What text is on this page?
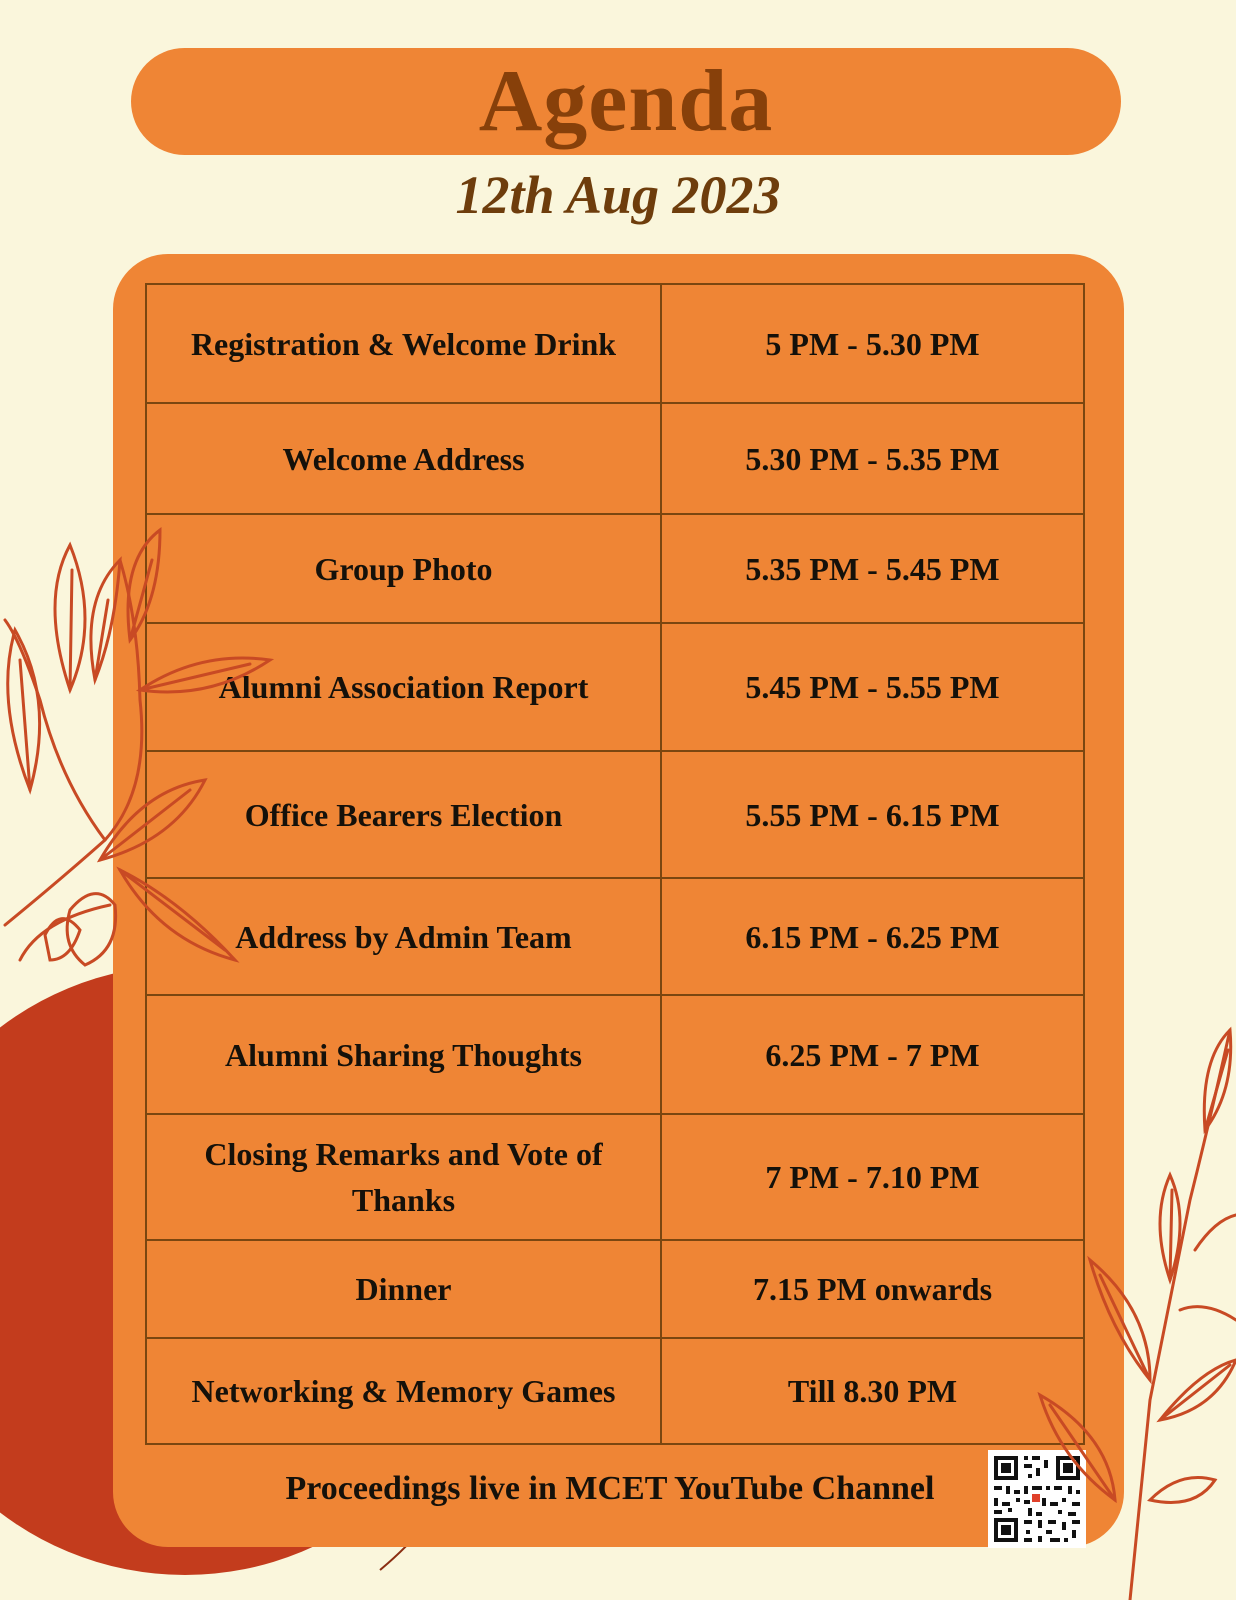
Agenda
12th Aug 2023
Registration & Welcome Drink	5 PM - 5.30 PM
Welcome Address	5.30 PM - 5.35 PM
Group Photo	5.35 PM - 5.45 PM
Alumni Association Report	5.45 PM - 5.55 PM
Office Bearers Election	5.55 PM - 6.15 PM
Address by Admin Team	6.15 PM - 6.25 PM
Alumni Sharing Thoughts	6.25 PM - 7 PM
Closing Remarks and Vote of Thanks	7 PM - 7.10 PM
Dinner	7.15 PM onwards
Networking & Memory Games	Till 8.30 PM
Proceedings live in MCET YouTube Channel
